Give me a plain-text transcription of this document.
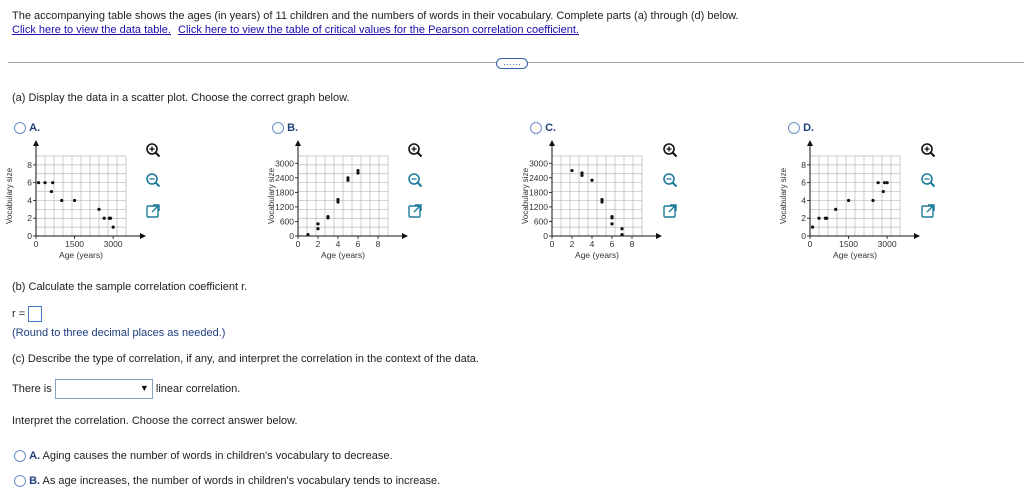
The accompanying table shows the ages (in years) of 11 children and the numbers of words in their vocabulary. Complete parts (a) through (d) below.
Click here to view the data table. Click here to view the table of critical values for the Pearson correlation coefficient.
……
(a) Display the data in a scatter plot. Choose the correct graph below.
A.	B.	C.	D.
0	1500 3000
8
6
4
2
0
Age (years)
Vocabulary size
0 2 4 6 8
3000
2400
1800
1200
600
0
Age (years)
Vocabulary size
0 2 4 6 8
3000
2400
1800
1200
600
0
Age (years)
Vocabulary size
0	1500 3000
8
6
4
2
0
Age (years)
Vocabulary size
(b) Calculate the sample correlation coefficient r.
r =
(Round to three decimal places as needed.)
(c) Describe the type of correlation, if any, and interpret the correlation in the context of the data.
There is	▼ linear correlation.
Interpret the correlation. Choose the correct answer below.
A. Aging causes the number of words in children's vocabulary to decrease.
B. As age increases, the number of words in children's vocabulary tends to increase.
